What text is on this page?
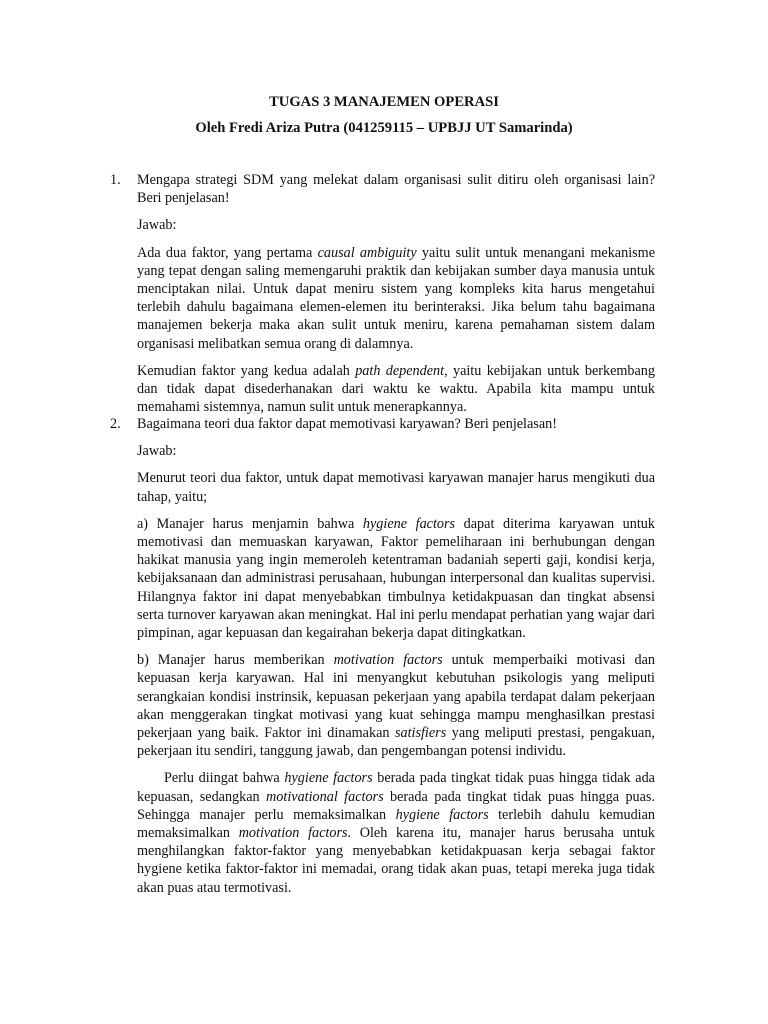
TUGAS 3 MANAJEMEN OPERASI
Oleh Fredi Ariza Putra (041259115 – UPBJJ UT Samarinda)
1. Mengapa strategi SDM yang melekat dalam organisasi sulit ditiru oleh organisasi lain? Beri penjelasan!

Jawab:

Ada dua faktor, yang pertama causal ambiguity yaitu sulit untuk menangani mekanisme yang tepat dengan saling memengaruhi praktik dan kebijakan sumber daya manusia untuk menciptakan nilai. Untuk dapat meniru sistem yang kompleks kita harus mengetahui terlebih dahulu bagaimana elemen-elemen itu berinteraksi. Jika belum tahu bagaimana manajemen bekerja maka akan sulit untuk meniru, karena pemahaman sistem dalam organisasi melibatkan semua orang di dalamnya.

Kemudian faktor yang kedua adalah path dependent, yaitu kebijakan untuk berkembang dan tidak dapat disederhanakan dari waktu ke waktu. Apabila kita mampu untuk memahami sistemnya, namun sulit untuk menerapkannya.

2. Bagaimana teori dua faktor dapat memotivasi karyawan? Beri penjelasan!

Jawab:

Menurut teori dua faktor, untuk dapat memotivasi karyawan manajer harus mengikuti dua tahap, yaitu;

a) Manajer harus menjamin bahwa hygiene factors dapat diterima karyawan untuk memotivasi dan memuaskan karyawan, Faktor pemeliharaan ini berhubungan dengan hakikat manusia yang ingin memeroleh ketentraman badaniah seperti gaji, kondisi kerja, kebijaksanaan dan administrasi perusahaan, hubungan interpersonal dan kualitas supervisi. Hilangnya faktor ini dapat menyebabkan timbulnya ketidakpuasan dan tingkat absensi serta turnover karyawan akan meningkat. Hal ini perlu mendapat perhatian yang wajar dari pimpinan, agar kepuasan dan kegairahan bekerja dapat ditingkatkan.

b) Manajer harus memberikan motivation factors untuk memperbaiki motivasi dan kepuasan kerja karyawan. Hal ini menyangkut kebutuhan psikologis yang meliputi serangkaian kondisi instrinsik, kepuasan pekerjaan yang apabila terdapat dalam pekerjaan akan menggerakan tingkat motivasi yang kuat sehingga mampu menghasilkan prestasi pekerjaan yang baik. Faktor ini dinamakan satisfiers yang meliputi prestasi, pengakuan, pekerjaan itu sendiri, tanggung jawab, dan pengembangan potensi individu.

Perlu diingat bahwa hygiene factors berada pada tingkat tidak puas hingga tidak ada kepuasan, sedangkan motivational factors berada pada tingkat tidak puas hingga puas. Sehingga manajer perlu memaksimalkan hygiene factors terlebih dahulu kemudian memaksimalkan motivation factors. Oleh karena itu, manajer harus berusaha untuk menghilangkan faktor-faktor yang menyebabkan ketidakpuasan kerja sebagai faktor hygiene ketika faktor-faktor ini memadai, orang tidak akan puas, tetapi mereka juga tidak akan puas atau termotivasi.
